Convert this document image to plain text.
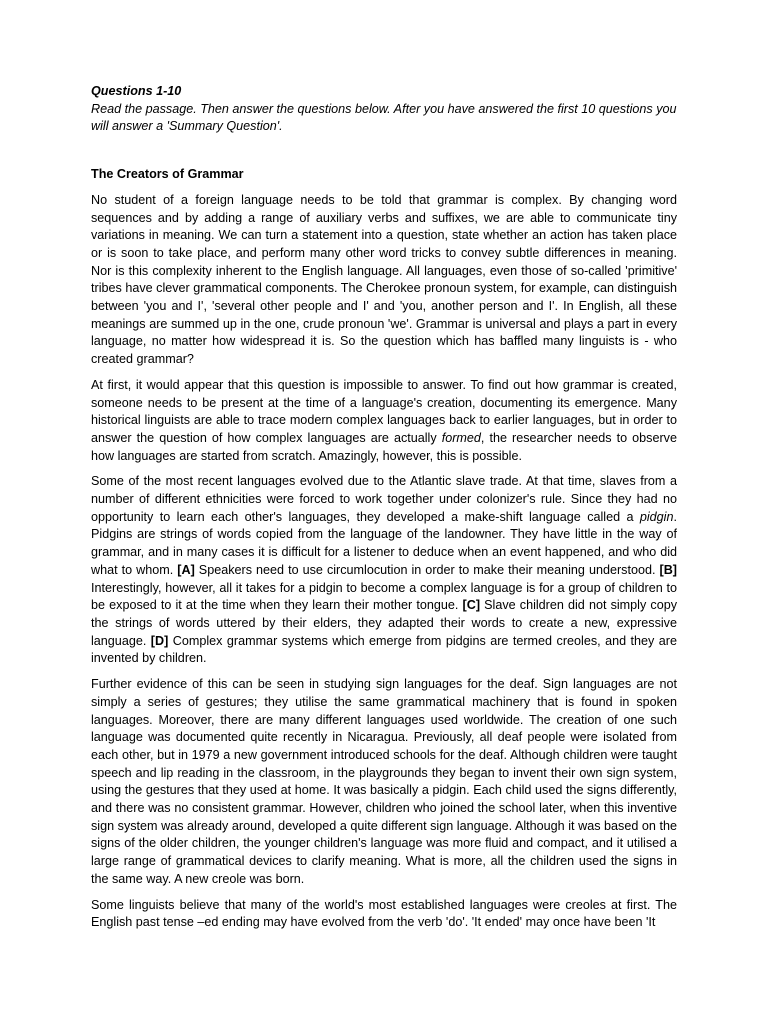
Questions 1-10

Read the passage. Then answer the questions below. After you have answered the first 10 questions you will answer a 'Summary Question'.

The Creators of Grammar

No student of a foreign language needs to be told that grammar is complex. By changing word sequences and by adding a range of auxiliary verbs and suffixes, we are able to communicate tiny variations in meaning. We can turn a statement into a question, state whether an action has taken place or is soon to take place, and perform many other word tricks to convey subtle differences in meaning. Nor is this complexity inherent to the English language. All languages, even those of so-called 'primitive' tribes have clever grammatical components. The Cherokee pronoun system, for example, can distinguish between 'you and I', 'several other people and I' and 'you, another person and I'. In English, all these meanings are summed up in the one, crude pronoun 'we'. Grammar is universal and plays a part in every language, no matter how widespread it is. So the question which has baffled many linguists is - who created grammar?

At first, it would appear that this question is impossible to answer. To find out how grammar is created, someone needs to be present at the time of a language's creation, documenting its emergence. Many historical linguists are able to trace modern complex languages back to earlier languages, but in order to answer the question of how complex languages are actually formed, the researcher needs to observe how languages are started from scratch. Amazingly, however, this is possible.

Some of the most recent languages evolved due to the Atlantic slave trade. At that time, slaves from a number of different ethnicities were forced to work together under colonizer's rule. Since they had no opportunity to learn each other's languages, they developed a make-shift language called a pidgin. Pidgins are strings of words copied from the language of the landowner. They have little in the way of grammar, and in many cases it is difficult for a listener to deduce when an event happened, and who did what to whom. [A] Speakers need to use circumlocution in order to make their meaning understood. [B] Interestingly, however, all it takes for a pidgin to become a complex language is for a group of children to be exposed to it at the time when they learn their mother tongue. [C] Slave children did not simply copy the strings of words uttered by their elders, they adapted their words to create a new, expressive language. [D] Complex grammar systems which emerge from pidgins are termed creoles, and they are invented by children.

Further evidence of this can be seen in studying sign languages for the deaf. Sign languages are not simply a series of gestures; they utilise the same grammatical machinery that is found in spoken languages. Moreover, there are many different languages used worldwide. The creation of one such language was documented quite recently in Nicaragua. Previously, all deaf people were isolated from each other, but in 1979 a new government introduced schools for the deaf. Although children were taught speech and lip reading in the classroom, in the playgrounds they began to invent their own sign system, using the gestures that they used at home. It was basically a pidgin. Each child used the signs differently, and there was no consistent grammar. However, children who joined the school later, when this inventive sign system was already around, developed a quite different sign language. Although it was based on the signs of the older children, the younger children's language was more fluid and compact, and it utilised a large range of grammatical devices to clarify meaning. What is more, all the children used the signs in the same way. A new creole was born.

Some linguists believe that many of the world's most established languages were creoles at first. The English past tense –ed ending may have evolved from the verb 'do'. 'It ended' may once have been 'It
